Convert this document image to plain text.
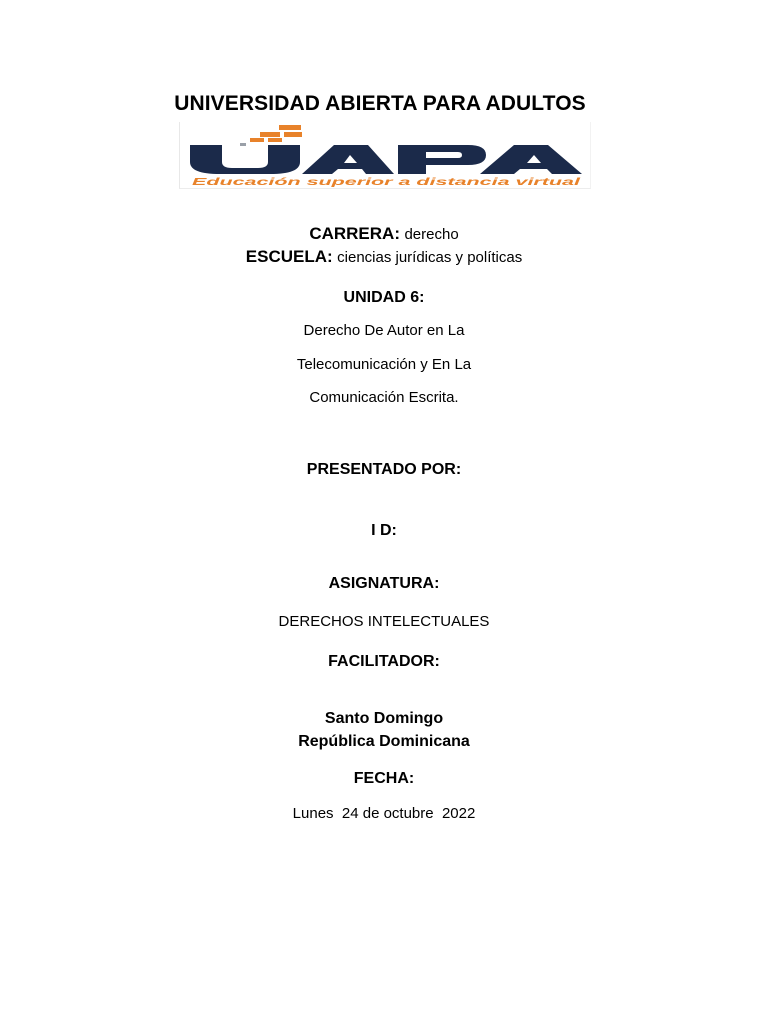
UNIVERSIDAD ABIERTA PARA ADULTOS
Educación superior a distancia virtual
CARRERA: derecho
ESCUELA: ciencias jurídicas y políticas
UNIDAD 6:
Derecho De Autor en La
Telecomunicación y En La
Comunicación Escrita.
PRESENTADO POR:
I D:
ASIGNATURA:
DERECHOS INTELECTUALES
FACILITADOR:
Santo Domingo
República Dominicana
FECHA:
Lunes  24 de octubre  2022
